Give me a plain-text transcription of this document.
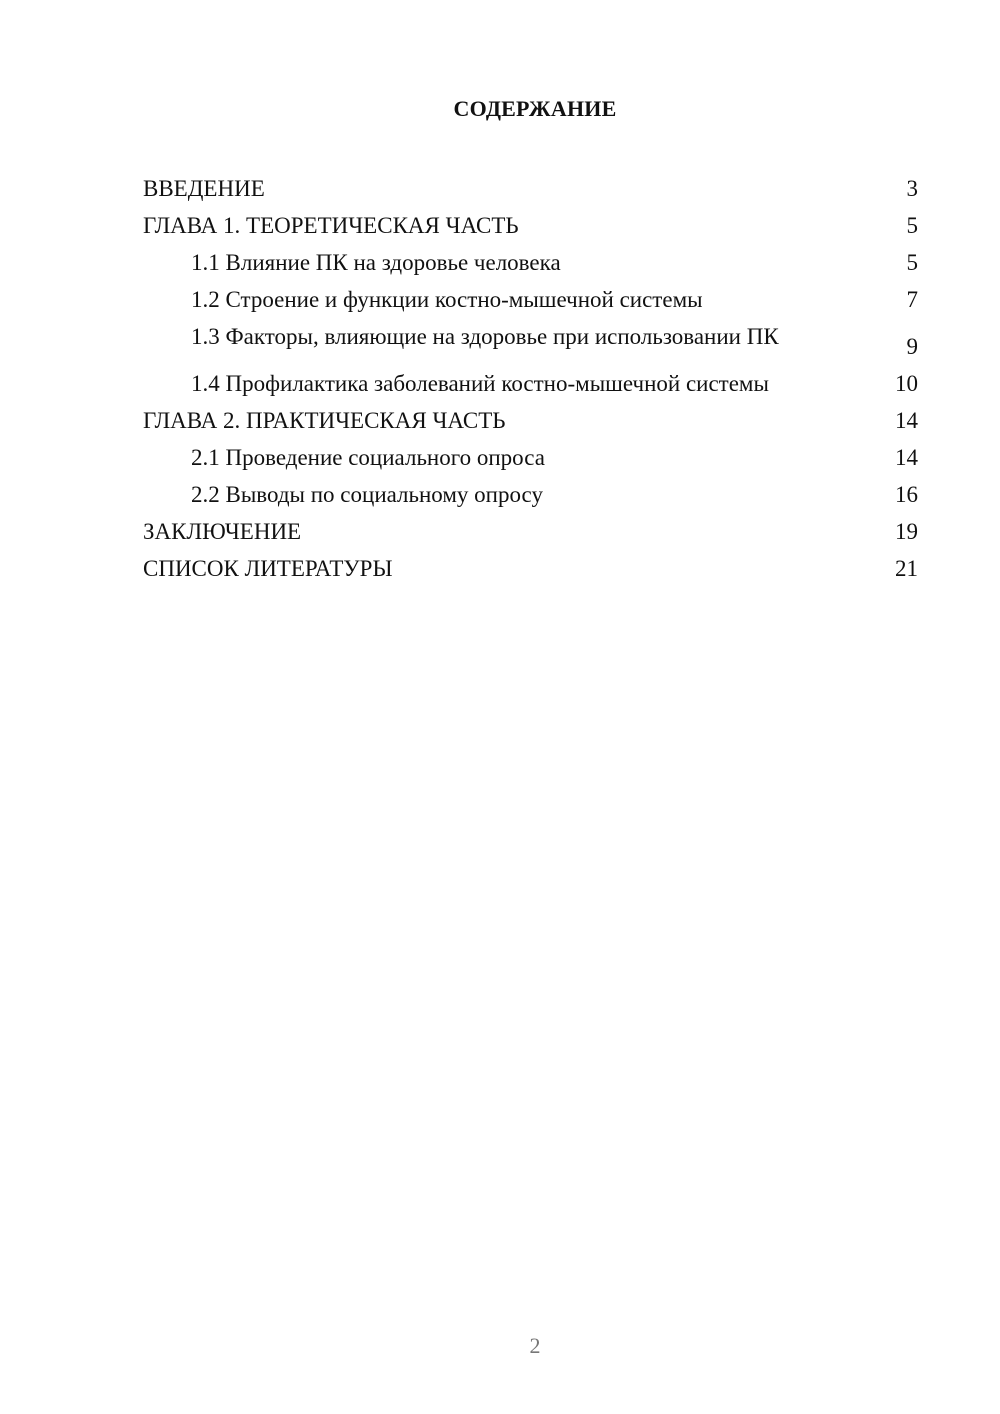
СОДЕРЖАНИЕ
ВВЕДЕНИЕ	3
ГЛАВА 1. ТЕОРЕТИЧЕСКАЯ ЧАСТЬ	5
1.1 Влияние ПК на здоровье человека	5
1.2 Строение и функции костно-мышечной системы	7
1.3 Факторы, влияющие на здоровье при использовании ПК	9
1.4 Профилактика заболеваний костно-мышечной системы	10
ГЛАВА 2. ПРАКТИЧЕСКАЯ ЧАСТЬ	14
2.1 Проведение социального опроса	14
2.2 Выводы по социальному опросу	16
ЗАКЛЮЧЕНИЕ	19
СПИСОК ЛИТЕРАТУРЫ	21
2
